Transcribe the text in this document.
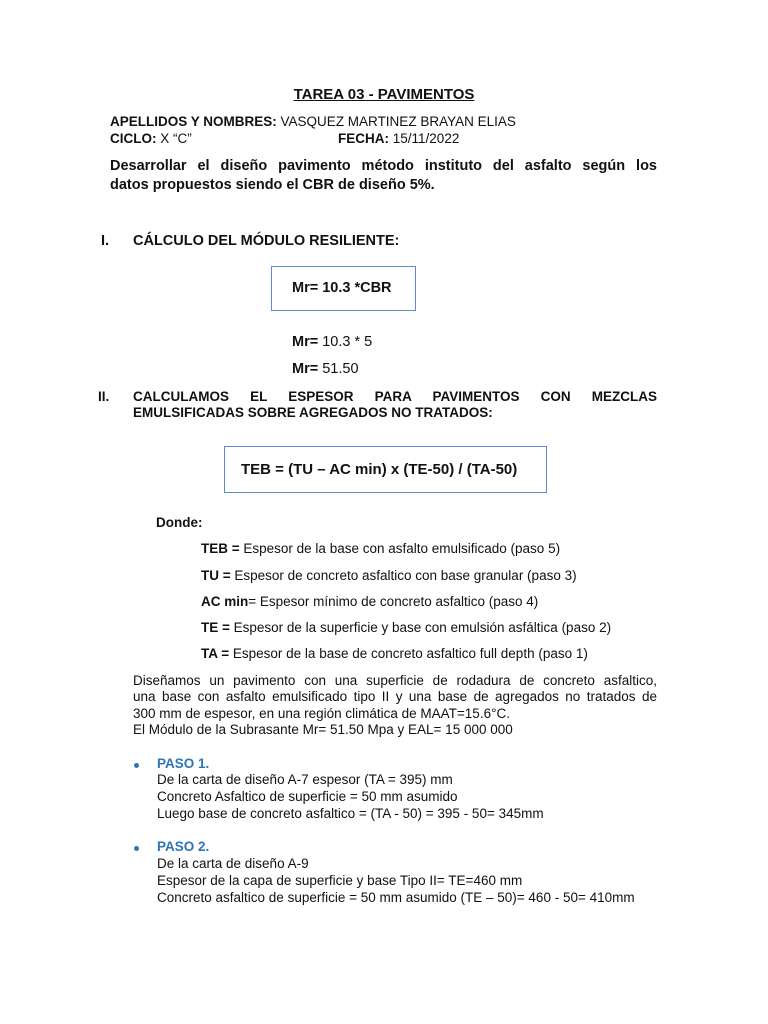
TAREA 03 - PAVIMENTOS
APELLIDOS Y NOMBRES: VASQUEZ MARTINEZ BRAYAN ELIAS
CICLO: X “C”	FECHA: 15/11/2022
Desarrollar el diseño pavimento método instituto del asfalto según los
datos propuestos siendo el CBR de diseño 5%.
I. CÁLCULO DEL MÓDULO RESILIENTE:
Mr= 10.3 *CBR
Mr= 10.3 * 5
Mr= 51.50
II. CALCULAMOS EL ESPESOR PARA PAVIMENTOS CON MEZCLAS
EMULSIFICADAS SOBRE AGREGADOS NO TRATADOS:
TEB = (TU – AC min) x (TE-50) / (TA-50)
Donde:
TEB = Espesor de la base con asfalto emulsificado (paso 5)
TU = Espesor de concreto asfaltico con base granular (paso 3)
AC min= Espesor mínimo de concreto asfaltico (paso 4)
TE = Espesor de la superficie y base con emulsión asfáltica (paso 2)
TA = Espesor de la base de concreto asfaltico full depth (paso 1)
Diseñamos un pavimento con una superficie de rodadura de concreto asfaltico,
una base con asfalto emulsificado tipo II y una base de agregados no tratados de
300 mm de espesor, en una región climática de MAAT=15.6°C.
El Módulo de la Subrasante Mr= 51.50 Mpa y EAL= 15 000 000
PASO 1.
De la carta de diseño A-7 espesor (TA = 395) mm
Concreto Asfaltico de superficie = 50 mm asumido
Luego base de concreto asfaltico = (TA - 50) = 395 - 50= 345mm
PASO 2.
De la carta de diseño A-9
Espesor de la capa de superficie y base Tipo II= TE=460 mm
Concreto asfaltico de superficie = 50 mm asumido (TE – 50)= 460 - 50= 410mm
